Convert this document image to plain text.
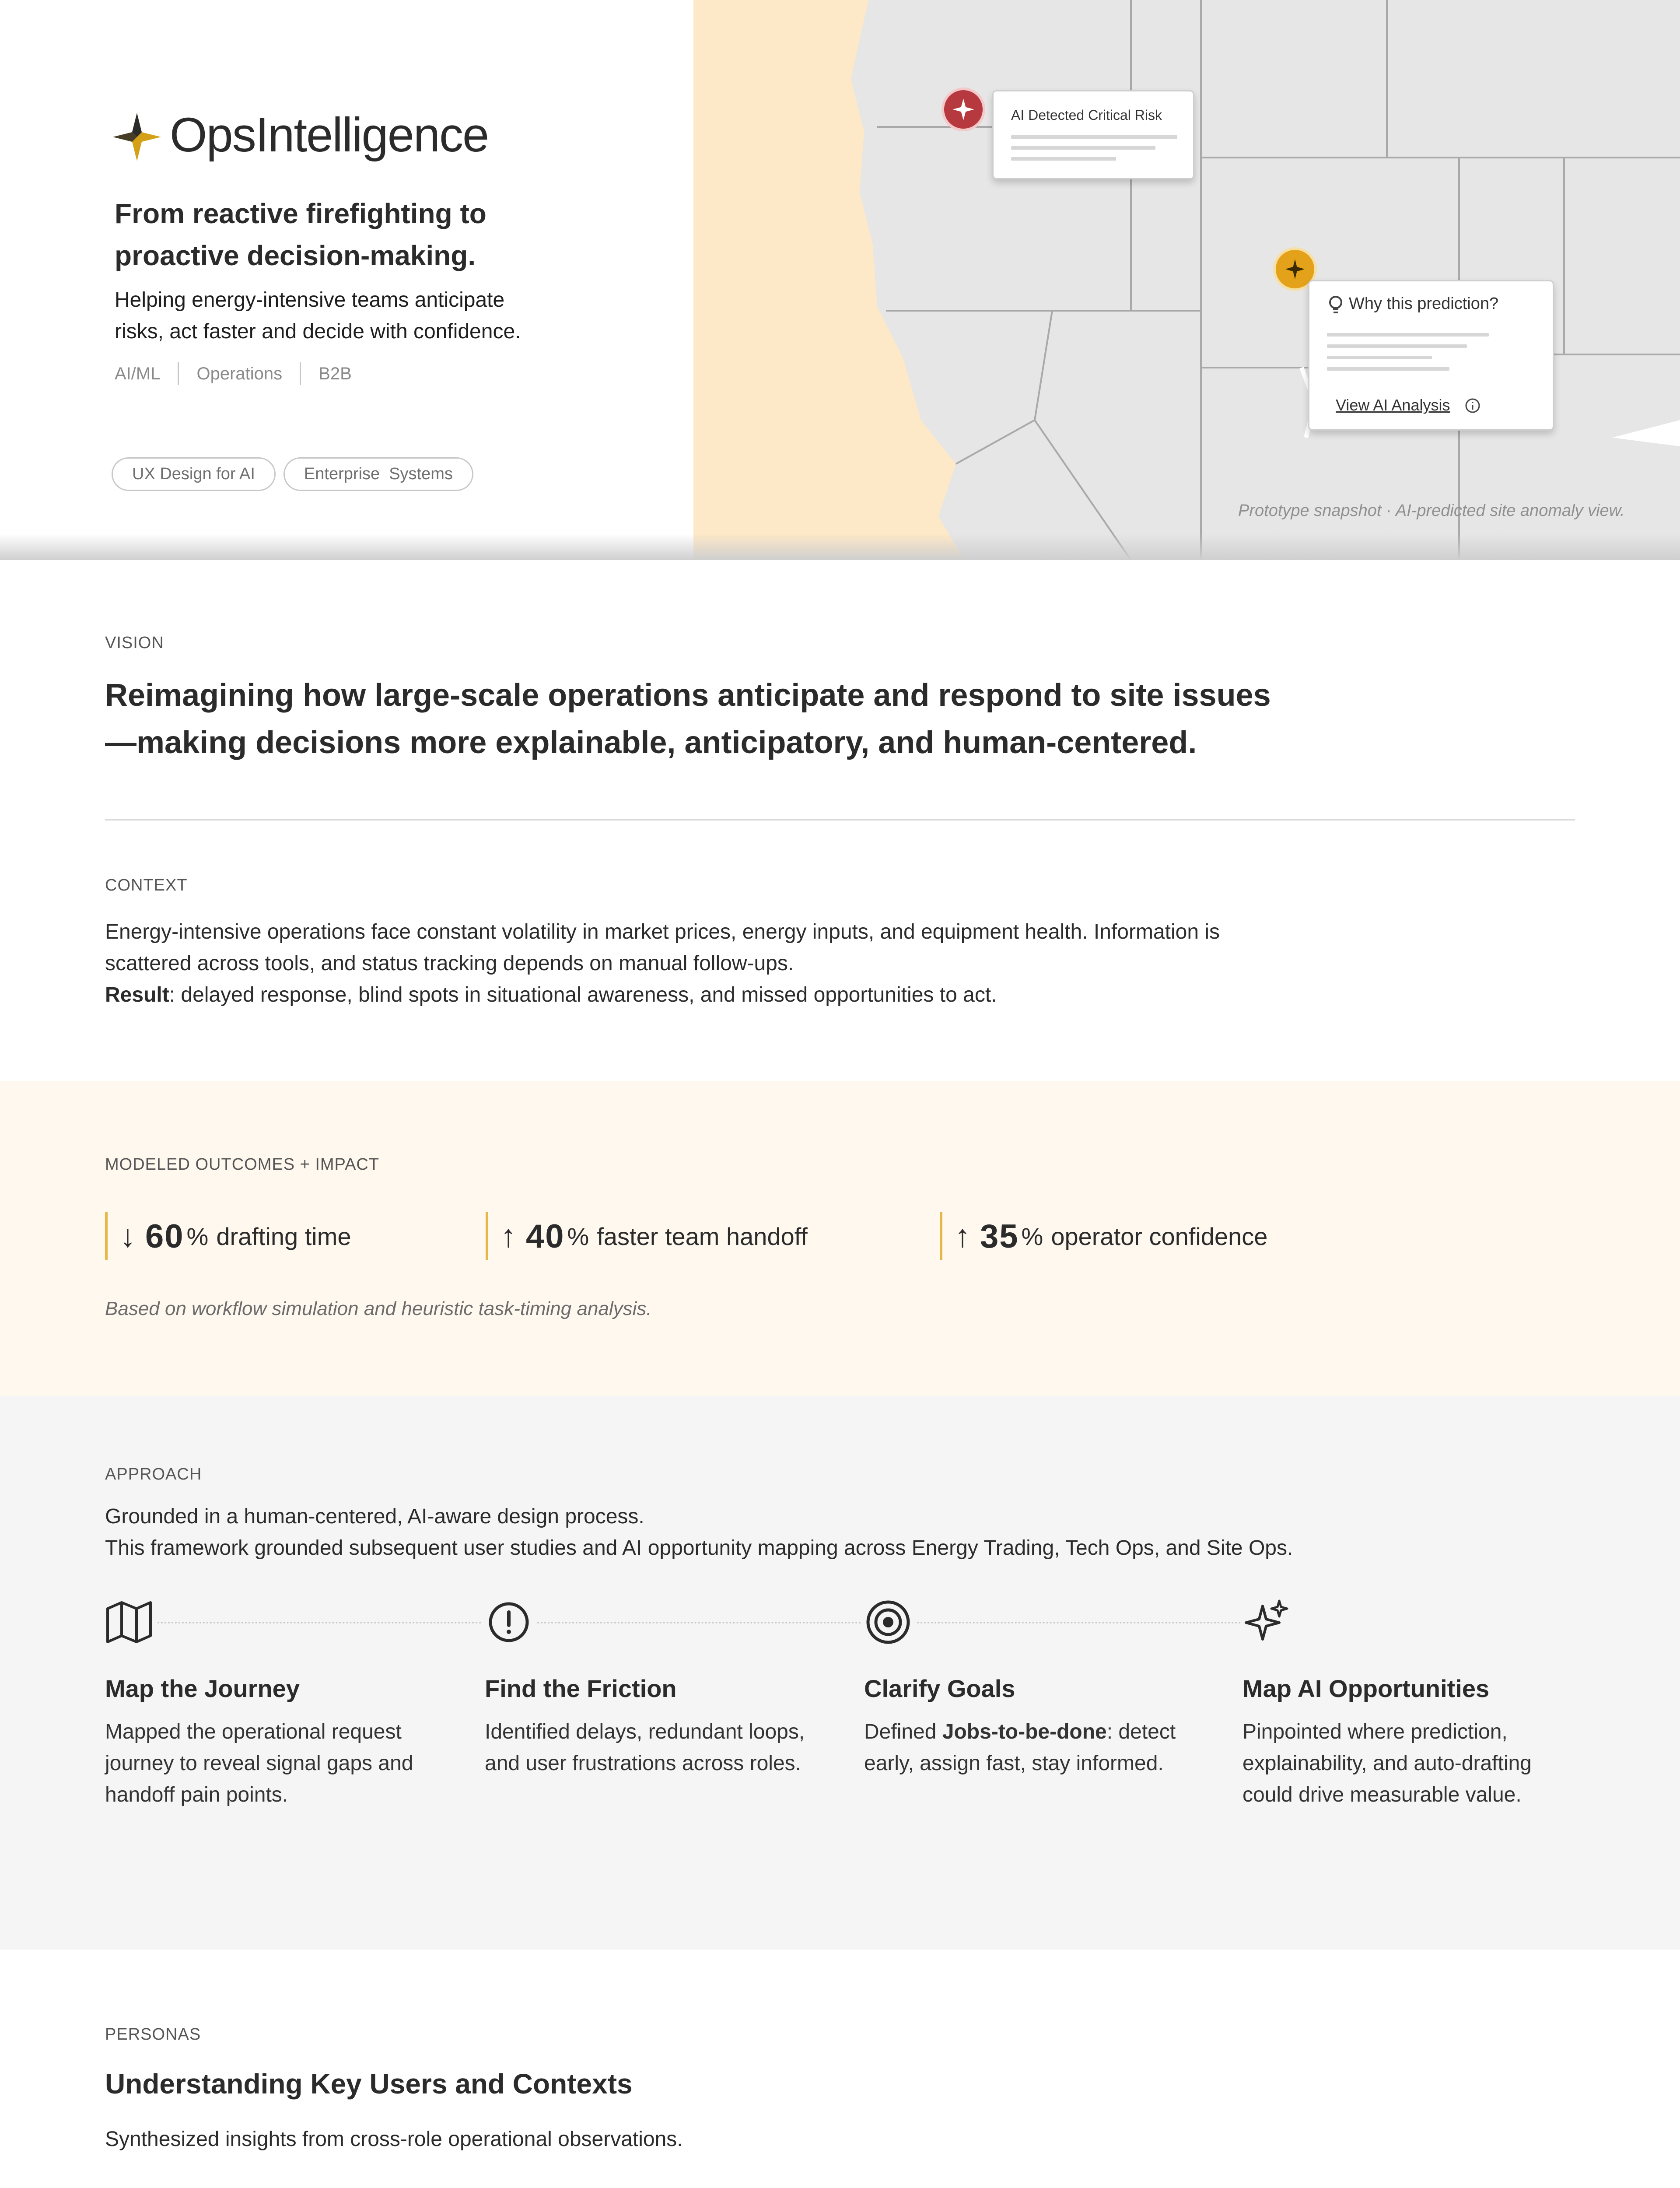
OpsIntelligence
From reactive firefighting to proactive decision-making.

Helping energy-intensive teams anticipate risks, act faster and decide with confidence.

AI/ML Operations B2B
UX Design for AI	Enterprise  Systems
AI Detected Critical Risk
Why this prediction?
View AI Analysis
Prototype snapshot · AI-predicted site anomaly view.
VISION

Reimagining how large-scale operations anticipate and respond to site issues —making decisions more explainable, anticipatory, and human-centered.

CONTEXT

Energy-intensive operations face constant volatility in market prices, energy inputs, and equipment health. Information is scattered across tools, and status tracking depends on manual follow-ups.

Result: delayed response, blind spots in situational awareness, and missed opportunities to act.

MODELED OUTCOMES + IMPACT
↓ 60 % drafting time	↑ 40 % faster team handoff	↑ 35 % operator confidence
Based on workflow simulation and heuristic task-timing analysis.
APPROACH

Grounded in a human-centered, AI-aware design process.

This framework grounded subsequent user studies and AI opportunity mapping across Energy Trading, Tech Ops, and Site Ops.

Map the Journey
Mapped the operational request journey to reveal signal gaps and handoff pain points.
Find the Friction
Identified delays, redundant loops, and user frustrations across roles.
Clarify Goals
Defined Jobs-to-be-done: detect early, assign fast, stay informed.
Map AI Opportunities
Pinpointed where prediction, explainability, and auto-drafting could drive measurable value.
PERSONAS
Understanding Key Users and Contexts

Synthesized insights from cross-role operational observations.
